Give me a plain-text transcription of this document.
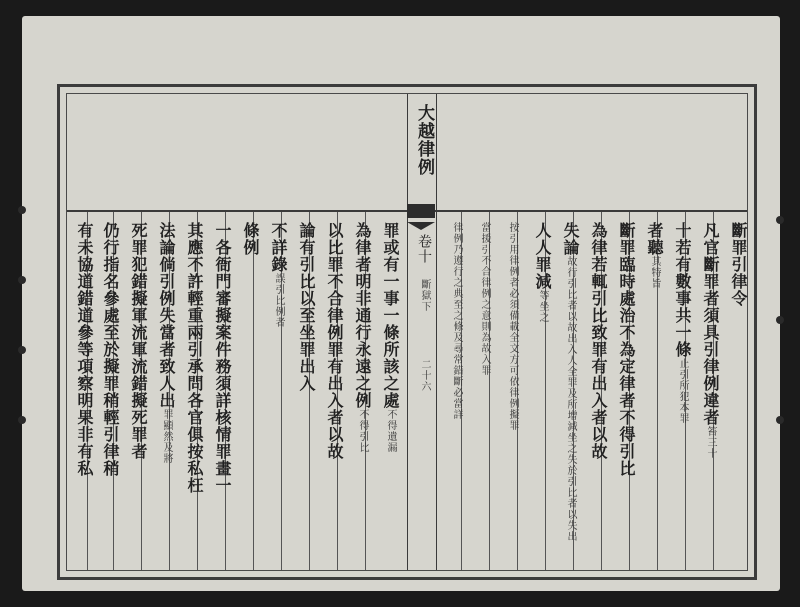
大越律例
卷十
斷獄下
二十六
斷罪引律令
凡官斷罪者須具引律例違者笞三十
十若有數事共一條止引所犯本罪
者聽其特旨
斷罪臨時處治不為定律者不得引比
為律若輒引比致罪有出入者以故
失論故行引比者以故出入人全罪及所增減坐之失於引比者以失出
人人罪減等坐之
按引用律例者必須備載全文方可依律例擬罪
當援引不合律例之意則為故入罪
律例乃遵行之典至之條及尋常錯斷必當詳
罪或有一事一條所該之處不得遺漏
為律者明非通行永遠之例不得引比
以比罪不合律例罪有出入者以故
論有引比以至坐罪出入
不詳錄誤引比例者
條例
一各衙門審擬案件務須詳核情罪畫一
其應不許輕重兩引承問各官俱按私枉
法論倘引例失當者致人出罪顯然及將
死罪犯錯擬軍流軍流錯擬死罪者
仍行指名參處至於擬罪稍輕引律稍
有未協道錯道參等項察明果非有私
